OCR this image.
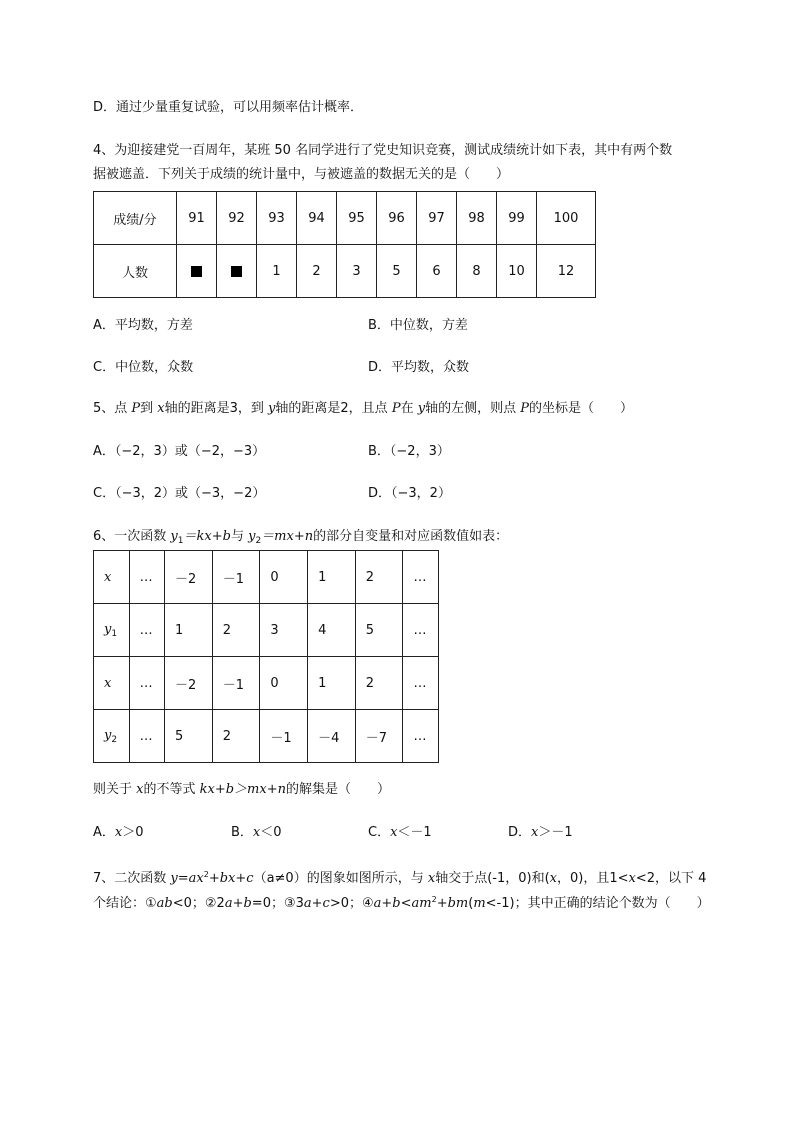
D．通过少量重复试验，可以用频率估计概率．
4、为迎接建党一百周年，某班 50 名同学进行了党史知识竞赛，测试成绩统计如下表，其中有两个数
据被遮盖．下列关于成绩的统计量中，与被遮盖的数据无关的是（　　）
成绩/分	91	92	93	94	95	96	97	98	99	100
人数			1	2	3	5	6	8	10	12
A．平均数，方差	B．中位数，方差
C．中位数，众数	D．平均数，众数
5、点 P到 x轴的距离是3，到 y轴的距离是2，且点 P在 y轴的左侧，则点 P的坐标是（　　）
A．（−2，3）或（−2，−3）	B．（−2，3）
C．（−3，2）或（−3，−2）	D．（−3，2）
6、一次函数 $y_1=kx+b$与 $y_2=mx+n$的部分自变量和对应函数值如表：
x	…	－2	－1	0	1	2	…
$y_1$	…	1	2	3	4	5	…
x	…	－2	－1	0	1	2	…
$y_2$	…	5	2	－1	－4	－7	…
则关于 x的不等式 kx+b＞mx+n的解集是（　　）
A．x＞0	B．x＜0	C．x＜－1	D．x＞－1
7、二次函数 $y=ax^2+bx+c(a\ne 0)$的图象如图所示，与 x轴交于点(-1，0)和(x，0)，且1<x<2，以下 4
个结论：①ab<0；②2a+b=0；③3a+c>0；$④a+b<am^2+bm(m<-1)$；其中正确的结论个数为（　　）
